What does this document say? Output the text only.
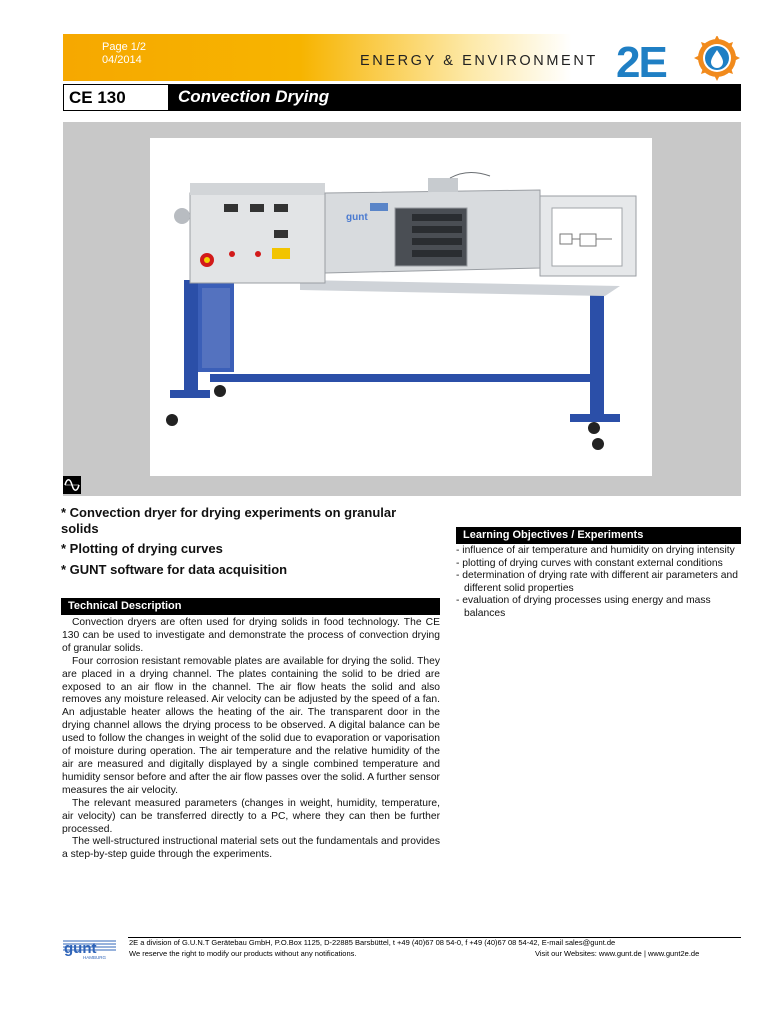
Page 1/2
04/2014	ENERGY & ENVIRONMENT 2E
CE 130	Convection Drying
gunt
* Convection dryer for drying experiments on granular solids
* Plotting of drying curves
* GUNT software for data acquisition
Technical Description

Convection dryers are often used for drying solids in food technology. The CE 130 can be used to investigate and demonstrate the process of convection drying of granular solids.

Four corrosion resistant removable plates are available for drying the solid. They are placed in a drying channel. The plates containing the solid to be dried are exposed to an air flow in the channel. The air flow heats the solid and also removes any moisture released. Air velocity can be adjusted by the speed of a fan. An adjustable heater allows the heating of the air. The transparent door in the drying channel allows the drying process to be observed. A digital balance can be used to follow the changes in weight of the solid due to evaporation or vaporisation of moisture during operation. The air temperature and the relative humidity of the air are measured and digitally displayed by a single combined temperature and humidity sensor before and after the air flow passes over the solid. A further sensor measures the air velocity.

The relevant measured parameters (changes in weight, humidity, temperature, air velocity) can be transferred directly to a PC, where they can then be further processed.

The well-structured instructional material sets out the fundamentals and provides a step-by-step guide through the experiments.

Learning Objectives / Experiments
- influence of air temperature and humidity on drying intensity
- plotting of drying curves with constant external conditions
- determination of drying rate with different air parameters and different solid properties
- evaluation of drying processes using energy and mass balances
gunt
HAMBURG
2E a division of G.U.N.T Gerätebau GmbH, P.O.Box 1125, D-22885 Barsbüttel, t +49 (40)67 08 54-0, f +49 (40)67 08 54-42, E-mail sales@gunt.de
We reserve the right to modify our products without any notifications.	Visit our Websites: www.gunt.de | www.gunt2e.de
